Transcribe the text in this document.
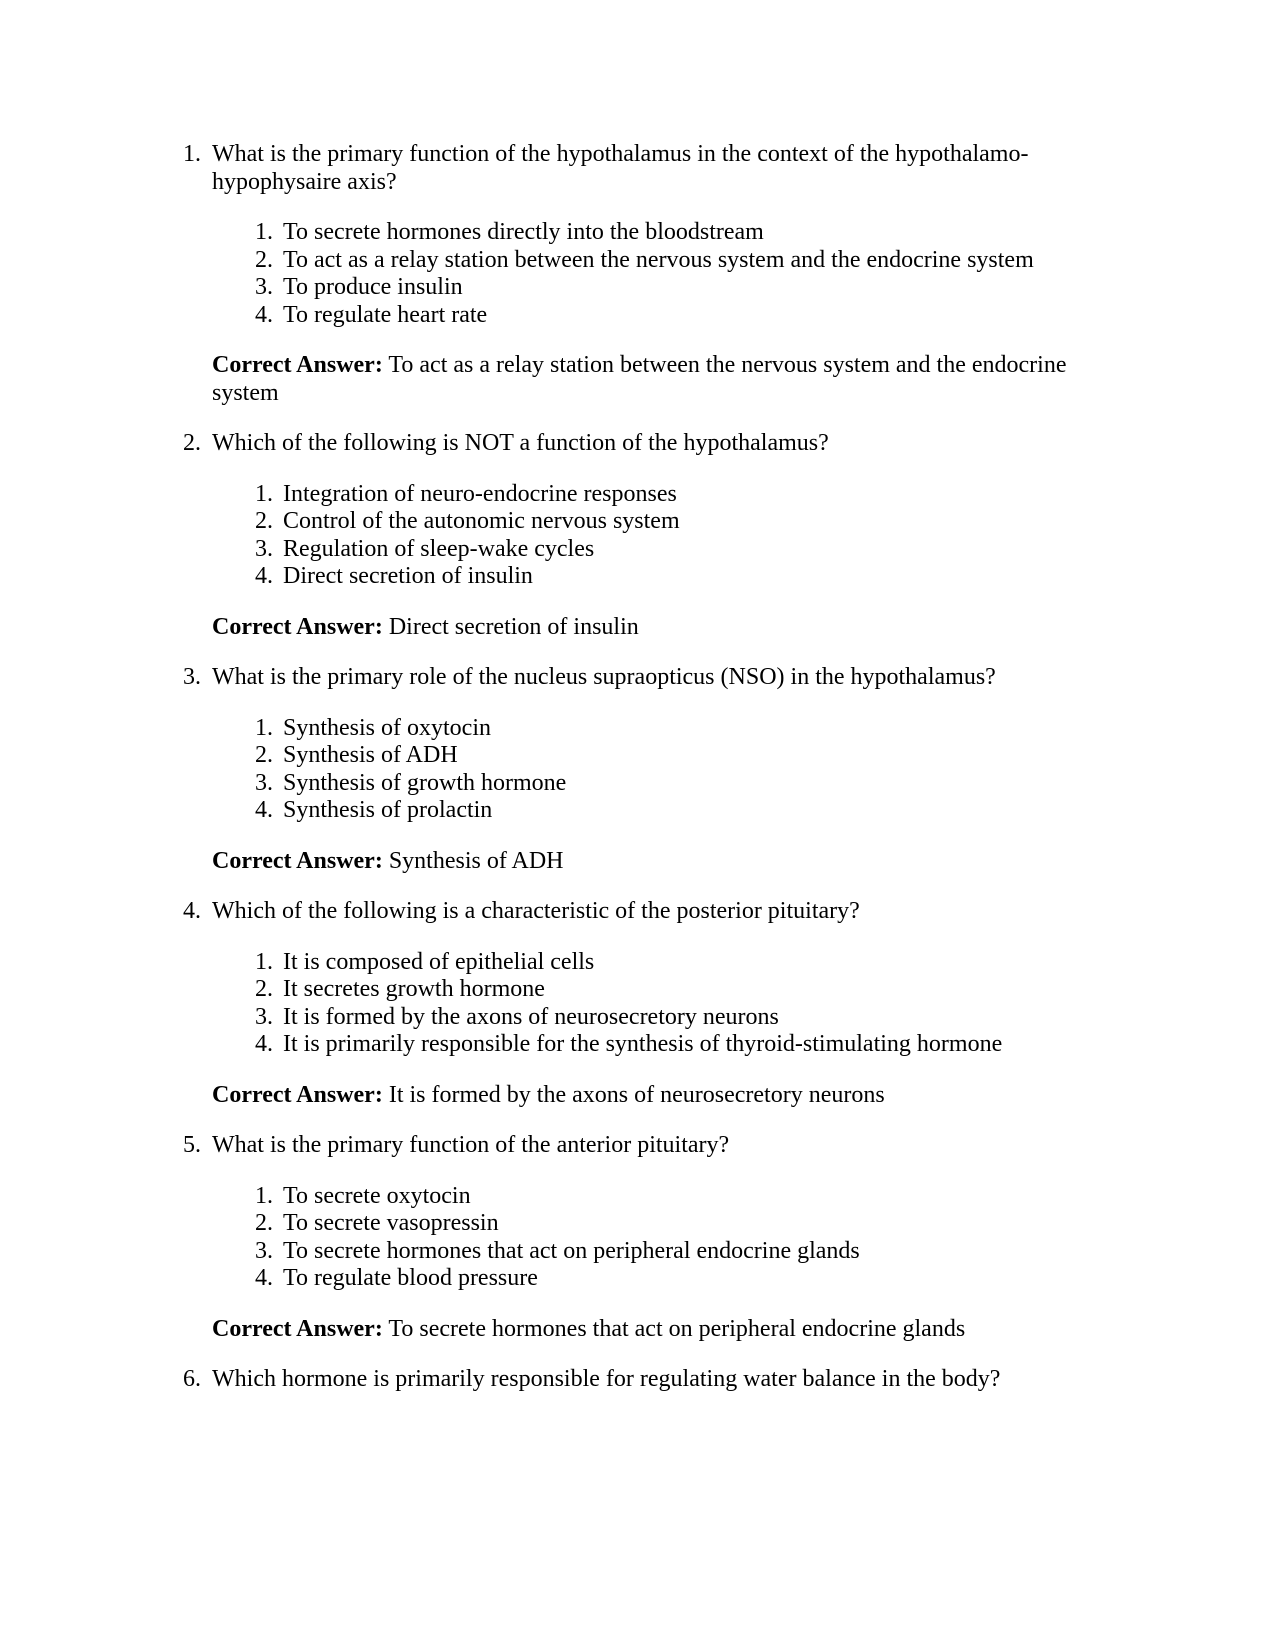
1. What is the primary function of the hypothalamus in the context of the hypothalamo-hypophysaire axis?
1. To secrete hormones directly into the bloodstream
2. To act as a relay station between the nervous system and the endocrine system
3. To produce insulin
4. To regulate heart rate
Correct Answer: To act as a relay station between the nervous system and the endocrine system
2. Which of the following is NOT a function of the hypothalamus?
1. Integration of neuro-endocrine responses
2. Control of the autonomic nervous system
3. Regulation of sleep-wake cycles
4. Direct secretion of insulin
Correct Answer: Direct secretion of insulin
3. What is the primary role of the nucleus supraopticus (NSO) in the hypothalamus?
1. Synthesis of oxytocin
2. Synthesis of ADH
3. Synthesis of growth hormone
4. Synthesis of prolactin
Correct Answer: Synthesis of ADH
4. Which of the following is a characteristic of the posterior pituitary?
1. It is composed of epithelial cells
2. It secretes growth hormone
3. It is formed by the axons of neurosecretory neurons
4. It is primarily responsible for the synthesis of thyroid-stimulating hormone
Correct Answer: It is formed by the axons of neurosecretory neurons
5. What is the primary function of the anterior pituitary?
1. To secrete oxytocin
2. To secrete vasopressin
3. To secrete hormones that act on peripheral endocrine glands
4. To regulate blood pressure
Correct Answer: To secrete hormones that act on peripheral endocrine glands
6. Which hormone is primarily responsible for regulating water balance in the body?
